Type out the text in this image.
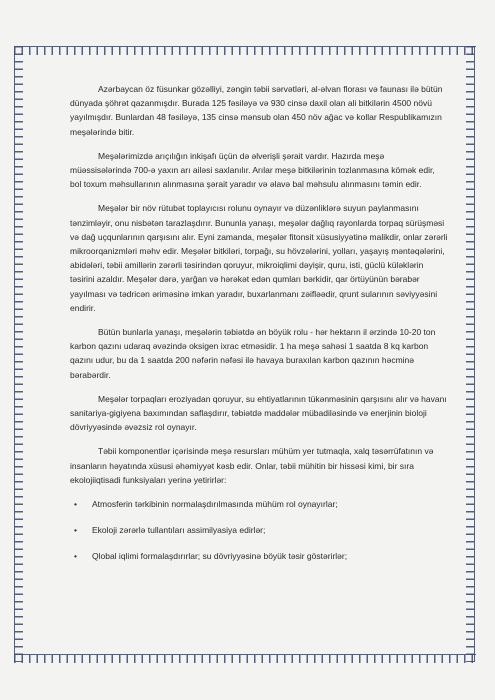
Azərbaycan öz füsunkar gözəlliyi, zəngin təbii sərvətləri, al-əlvan florası və faunası ilə bütün dünyada şöhrət qazanmışdır. Burada 125 fəsiləyə və 930 cinsə daxil olan ali bitkilərin 4500 növü yayılmışdır. Bunlardan 48 fəsiləyə, 135 cinsə mənsub olan 450 növ ağac və kollar Respublikamızın meşələrində bitir.

Meşələrimizdə arıçılığın inkişafı üçün də əlverişli şərait vardır. Hazırda meşə müəssisələrində 700-ə yaxın arı ailəsi saxlanılır. Arılar meşə bitkilərinin tozlanmasına kömək edir, bol toxum məhsullarının alınmasına şərait yaradır və əlavə bal məhsulu alınmasını təmin edir.

Meşələr bir növ rütubət toplayıcısı rolunu oynayır və düzənliklərə suyun paylanmasını tənzimləyir, onu nisbətən tarazlaşdırır. Bununla yanaşı, meşələr dağlıq rayonlarda torpaq sürüşməsi və dağ uçqunlarının qarşısını alır. Eyni zamanda, meşələr fitonsit xüsusiyyətinə malikdir, onlar zərərli mikroorqanizmləri məhv edir. Meşələr bitkiləri, torpağı, su hövzələrini, yolları, yaşayış məntəqələrini, abidələri, təbii amillərin zərərli təsirindən qoruyur, mikroiqlimi dəyişir, quru, isti, güclü küləklərin təsirini azaldır. Meşələr dərə, yarğan və hərəkət edən qumları bərkidir, qar örtüyünün bərabər yayılması və tədricən əriməsinə imkan yaradır, buxarlanmanı zəifləədir, qrunt sularının səviyyəsini endirir.

Bütün bunlarla yanaşı, meşələrin təbiətdə ən böyük rolu - hər hektarın il ərzində 10-20 ton karbon qazını udaraq əvəzində oksigen ixrac etməsidir. 1 ha meşə sahəsi 1 saatda 8 kq karbon qazını udur, bu da 1 saatda 200 nəfərin nəfəsi ilə havaya buraxılan karbon qazının həcminə bərabərdir.

Meşələr torpaqları eroziyadan qoruyur, su ehtiyatlarının tükənməsinin qarşısını alır və havanı sanitariya-gigiyena baxımından saflaşdırır, təbiətdə maddələr mübadiləsində və enerjinin bioloji dövriyyəsində əvəzsiz rol oynayır.

Təbii komponentlər içərisində meşə resursları mühüm yer tutmaqla, xalq təsərrüfatının və insanların həyatında xüsusi əhəmiyyət kəsb edir. Onlar, təbii mühitin bir hissəsi kimi, bir sıra ekolojiiqtisadi funksiyaları yerinə yetirirlər:

• Atmosferin tərkibinin normalaşdırılmasında mühüm rol oynayırlar;
• Ekoloji zərərlə tullantıları assimilyasiya edirlər;
• Qlobal iqlimi formalaşdırırlar; su dövriyyəsinə böyük təsir göstərirlər;
